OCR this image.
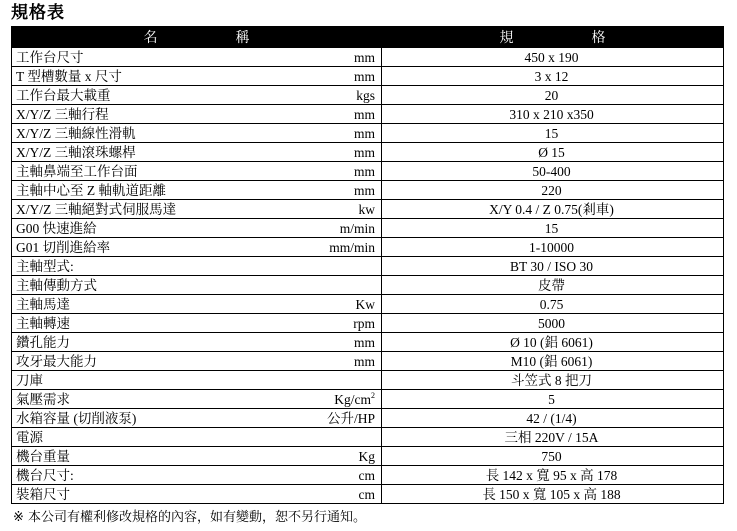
規格表
名 稱	規 格

工作台尺寸 mm	450 x 190

T 型槽數量 x 尺寸 mm	3 x 12

工作台最大載重 kgs	20

X/Y/Z 三軸行程 mm	310 x 210 x350

X/Y/Z 三軸線性滑軌 mm	15

X/Y/Z 三軸滾珠螺桿 mm	Ø 15

主軸鼻端至工作台面 mm	50-400

主軸中心至 Z 軸軌道距離 mm	220

X/Y/Z 三軸絕對式伺服馬達 kw	X/Y 0.4 / Z 0.75(剎車)

G00 快速進給 m/min	15

G01 切削進給率 mm/min	1-10000

主軸型式:	BT 30 / ISO 30

主軸傳動方式	皮帶

主軸馬達 Kw	0.75

主軸轉速 rpm	5000

鑽孔能力 mm	Ø 10 (鋁 6061)

攻牙最大能力 mm	M10 (鋁 6061)

刀庫	斗笠式 8 把刀

氣壓需求 $Kg/cm^2$	5

水箱容量 (切削液泵) 公升/HP	42 / (1/4)

電源	三相 220V / 15A

機台重量 Kg	750

機台尺寸: cm	長 142 x 寬 95 x 高 178

裝箱尺寸 cm	長 150 x 寬 105 x 高 188
※ 本公司有權利修改規格的內容，如有變動，恕不另行通知。
